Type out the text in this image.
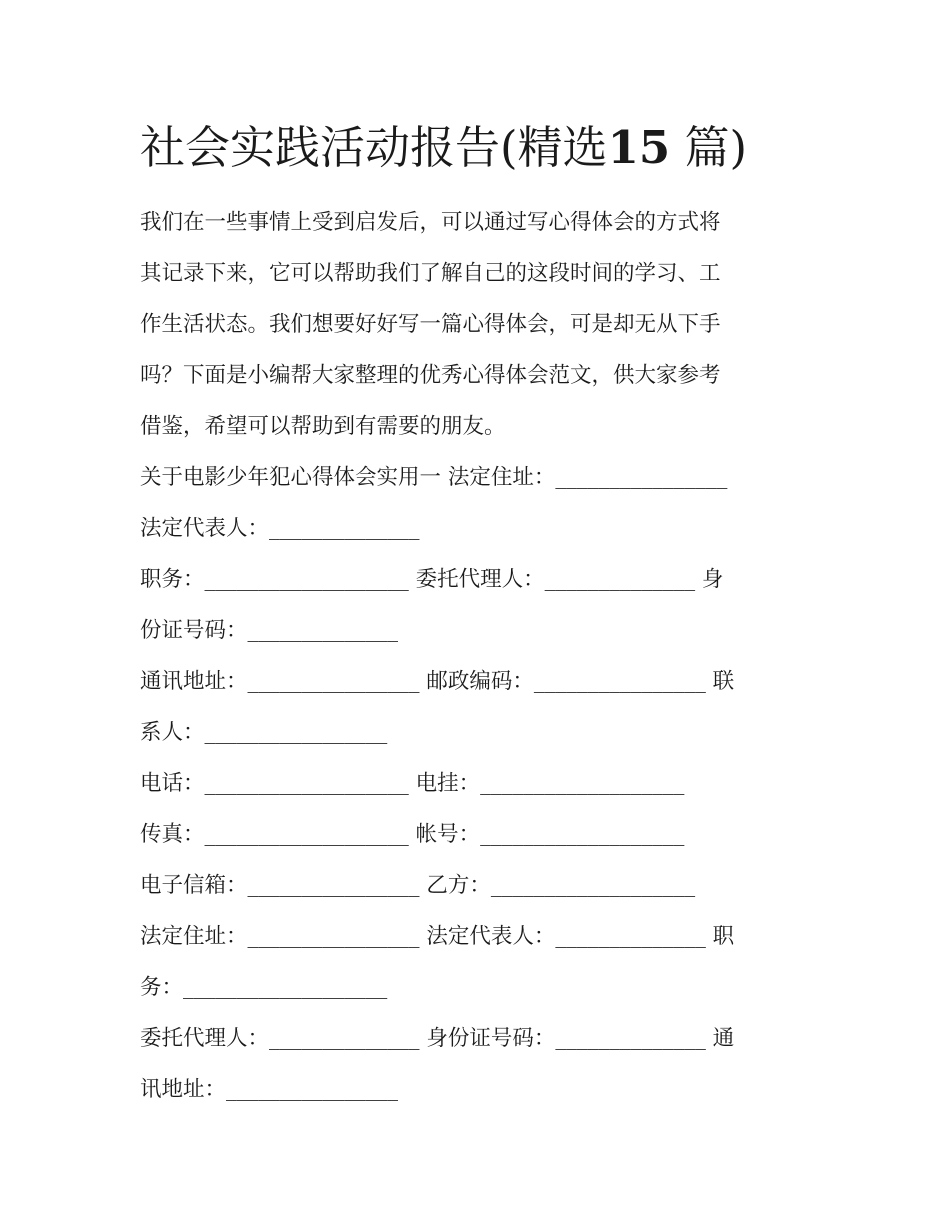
社会实践活动报告(精选15 篇)
我们在一些事情上受到启发后，可以通过写心得体会的方式将
其记录下来，它可以帮助我们了解自己的这段时间的学习、工
作生活状态。我们想要好好写一篇心得体会，可是却无从下手
吗？下面是小编帮大家整理的优秀心得体会范文，供大家参考
借鉴，希望可以帮助到有需要的朋友。
关于电影少年犯心得体会实用一 法定住址：________________
法定代表人：______________
职务：___________________ 委托代理人：______________ 身
份证号码：______________
通讯地址：________________ 邮政编码：________________ 联
系人：_________________
电话：___________________ 电挂：___________________
传真：___________________ 帐号：___________________
电子信箱：________________ 乙方：___________________
法定住址：________________ 法定代表人：______________ 职
务：___________________
委托代理人：______________ 身份证号码：______________ 通
讯地址：________________
